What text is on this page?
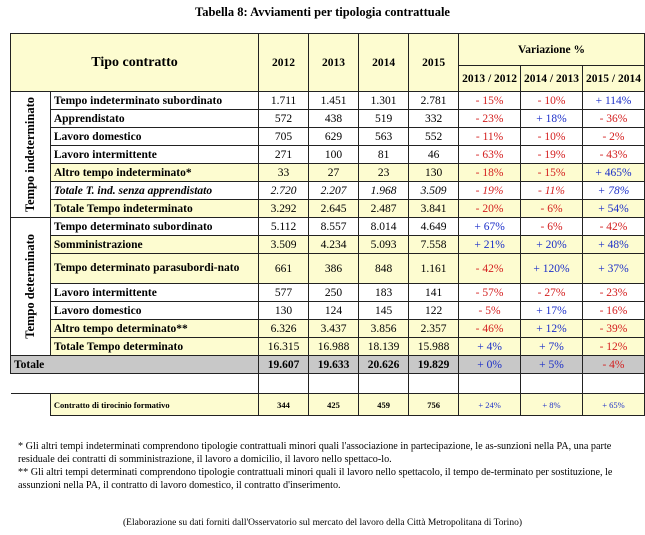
Tabella 8: Avviamenti per tipologia contrattuale
Tipo contratto		2012	2013	2014	2015	Variazione %		
						2013 / 2012	2014 / 2013	2015 / 2014

Tempo indeterminato	Tempo indeterminato subordinato	1.711	1.451	1.301	2.781	- 15%	- 10%	+ 114%
	Apprendistato	572	438	519	332	- 23%	+ 18%	- 36%
	Lavoro domestico	705	629	563	552	- 11%	- 10%	- 2%
	Lavoro intermittente	271	100	81	46	- 63%	- 19%	- 43%
	Altro tempo indeterminato*	33	27	23	130	- 18%	- 15%	+ 465%
	Totale T. ind. senza apprendistato	2.720	2.207	1.968	3.509	- 19%	- 11%	+ 78%
	Totale Tempo indeterminato	3.292	2.645	2.487	3.841	- 20%	- 6%	+ 54%

Tempo determinato	Tempo determinato subordinato	5.112	8.557	8.014	4.649	+ 67%	- 6%	- 42%
	Somministrazione	3.509	4.234	5.093	7.558	+ 21%	+ 20%	+ 48%
	Tempo determinato parasubordi-nato	661	386	848	1.161	- 42%	+ 120%	+ 37%
	Lavoro intermittente	577	250	183	141	- 57%	- 27%	- 23%
	Lavoro domestico	130	124	145	122	- 5%	+ 17%	- 16%
	Altro tempo determinato**	6.326	3.437	3.856	2.357	- 46%	+ 12%	- 39%
	Totale Tempo determinato	16.315	16.988	18.139	15.988	+ 4%	+ 7%	- 12%
Totale		19.607	19.633	20.626	19.829	+ 0%	+ 5%	- 4%

	Contratto di tirocinio formativo	344	425	459	756	+ 24%	+ 8%	+ 65%

* Gli altri tempi indeterminati comprendono tipologie contrattuali minori quali l'associazione in partecipazione, le as-sunzioni nella PA, una parte residuale dei contratti di somministrazione, il lavoro a domicilio, il lavoro nello spettaco-lo.

** Gli altri tempi determinati comprendono tipologie contrattuali minori quali il lavoro nello spettacolo, il tempo de-terminato per sostituzione, le assunzioni nella PA, il contratto di lavoro domestico, il contratto d'inserimento.

(Elaborazione su dati forniti dall'Osservatorio sul mercato del lavoro della Città Metropolitana di Torino)
